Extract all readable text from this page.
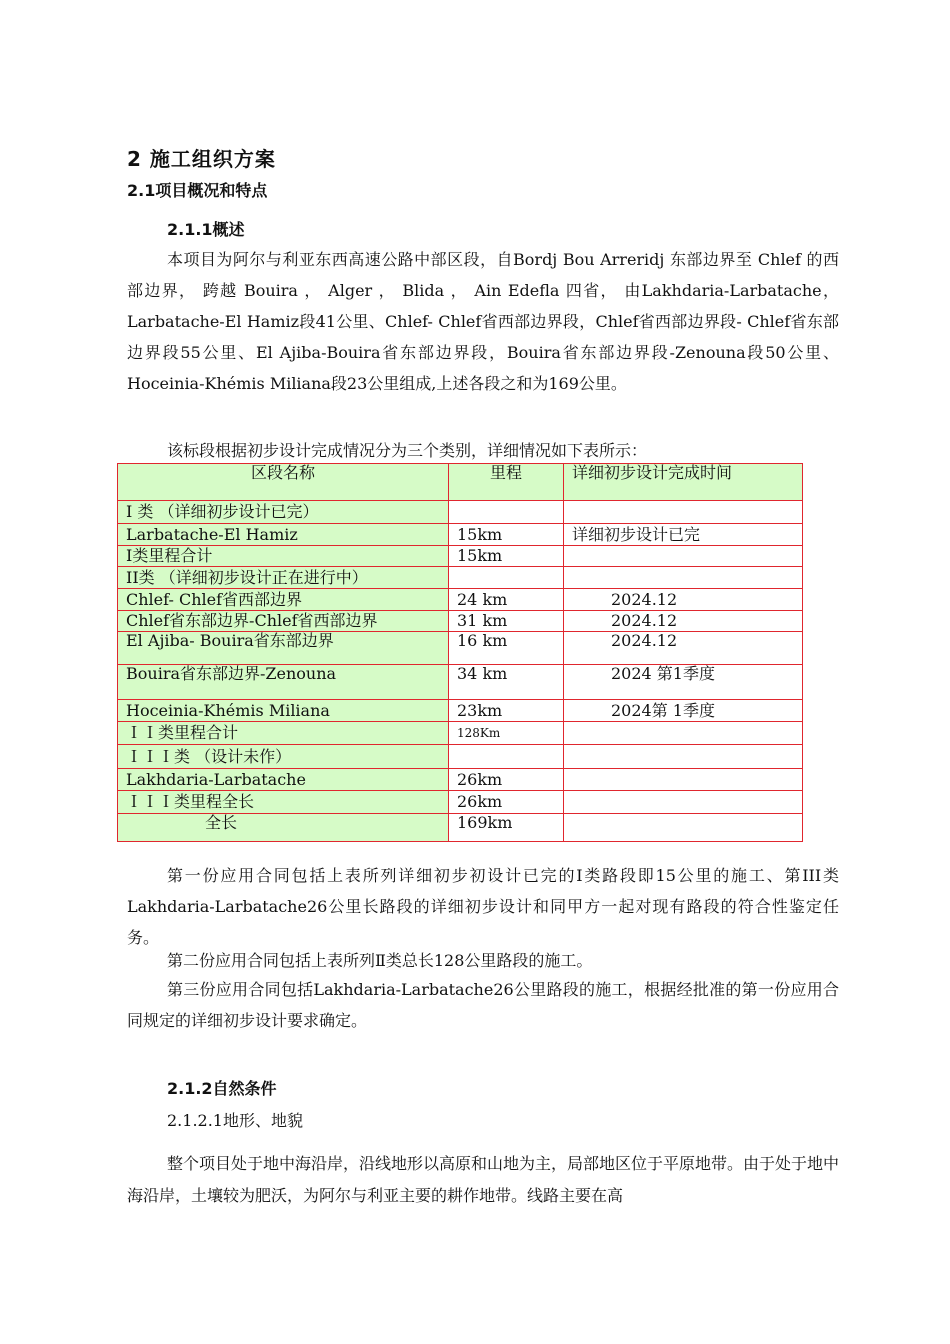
2 施工组织方案
2.1项目概况和特点
2.1.1概述

本项目为阿尔与利亚东西高速公路中部区段，自Bordj Bou Arreridj 东部边界至 Chlef 的西部边界， 跨越 Bouira ， Alger ， Blida ， Ain Edefla 四省， 由Lakhdaria-Larbatache，Larbatache-El Hamiz段41公里、Chlef- Chlef省西部边界段，Chlef省西部边界段- Chlef省东部边界段55公里、El Ajiba-Bouira省东部边界段，Bouira省东部边界段-Zenouna段50公里、Hoceinia-Khémis Miliana段23公里组成,上述各段之和为169公里。

该标段根据初步设计完成情况分为三个类别，详细情况如下表所示：

区段名称	里程	详细初步设计完成时间
Ⅰ 类 （详细初步设计已完）		
Larbatache-El Hamiz	15km	详细初步设计已完
Ⅰ类里程合计	15km	
II类 （详细初步设计正在进行中）		
Chlef- Chlef省西部边界	24 km	2024.12
Chlef省东部边界-Chlef省西部边界	31 km	2024.12
El Ajiba- Bouira省东部边界	16 km	2024.12
Bouira省东部边界-Zenouna	34 km	2024 第1季度
Hoceinia-Khémis Miliana	23km	2024第 1季度
ＩＩ类里程合计	128Km	
ＩＩＩ类 （设计未作）		
Lakhdaria-Larbatache	26km	
ＩＩＩ类里程全长	26km	
全长	169km	

第一份应用合同包括上表所列详细初步初设计已完的Ⅰ类路段即15公里的施工、第III类 Lakhdaria-Larbatache26公里长路段的详细初步设计和同甲方一起对现有路段的符合性鉴定任务。

第二份应用合同包括上表所列Ⅱ类总长128公里路段的施工。

第三份应用合同包括Lakhdaria-Larbatache26公里路段的施工，根据经批准的第一份应用合同规定的详细初步设计要求确定。

2.1.2自然条件
2.1.2.1地形、地貌

整个项目处于地中海沿岸，沿线地形以高原和山地为主，局部地区位于平原地带。由于处于地中海沿岸，土壤较为肥沃，为阿尔与利亚主要的耕作地带。线路主要在高
